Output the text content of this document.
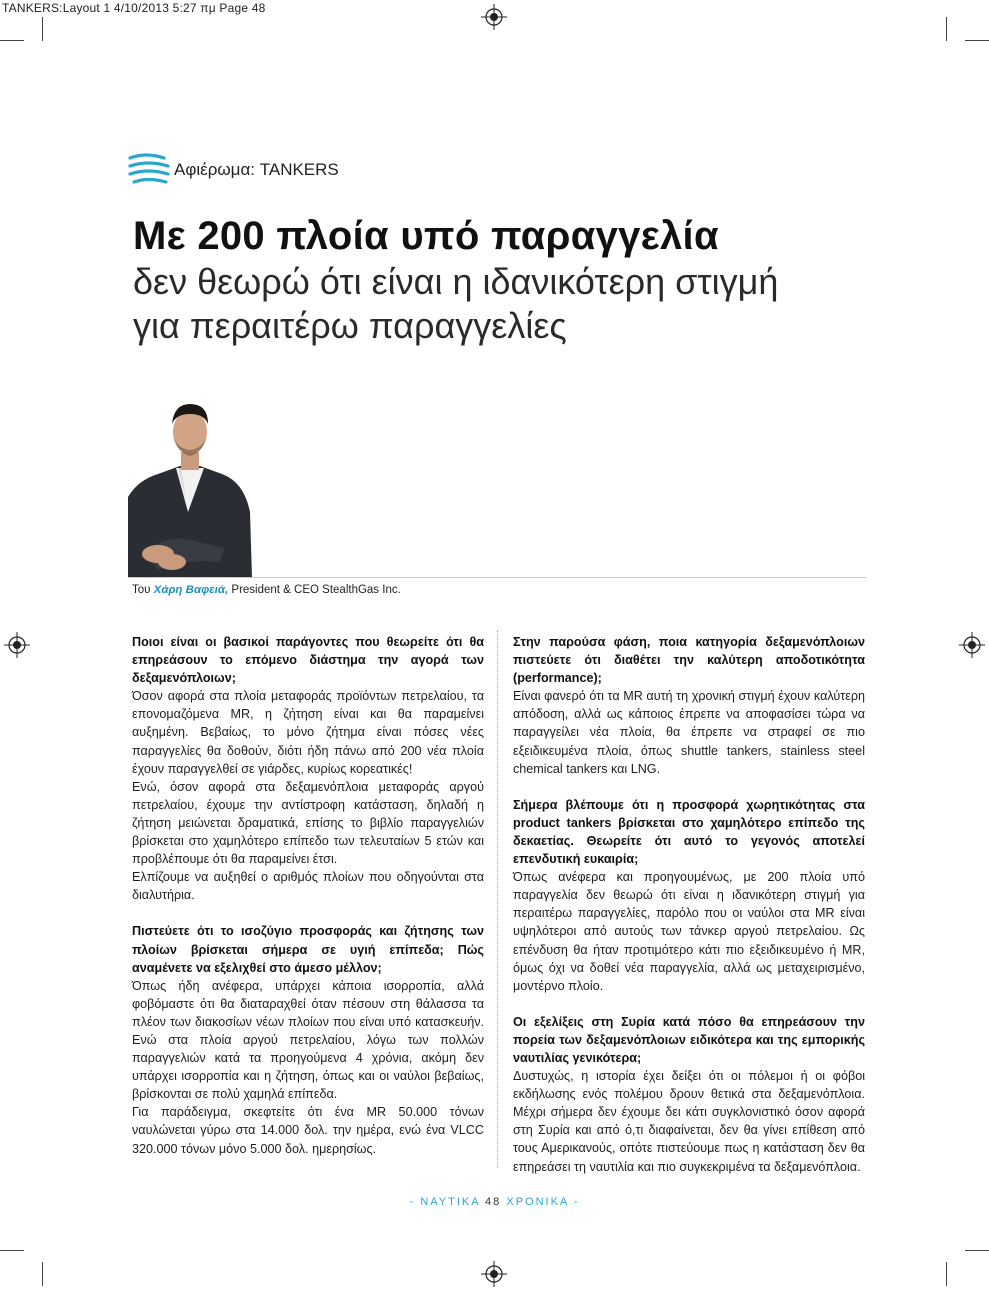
TANKERS:Layout 1 4/10/2013 5:27 πμ Page 48
Αφιέρωμα: TANKERS
Με 200 πλοία υπό παραγγελία
δεν θεωρώ ότι είναι η ιδανικότερη στιγμή
για περαιτέρω παραγγελίες
Του Χάρη Βαφειά, President & CEO StealthGas Inc.

Ποιοι είναι οι βασικοί παράγοντες που θεωρείτε ότι θα επηρεάσουν το επόμενο διάστημα την αγορά των δεξαμενόπλοιων;

Όσον αφορά στα πλοία μεταφοράς προϊόντων πετρελαίου, τα επονομαζόμενα MR, η ζήτηση είναι και θα παραμείνει αυξημένη. Βεβαίως, το μόνο ζήτημα είναι πόσες νέες παραγγελίες θα δοθούν, διότι ήδη πάνω από 200 νέα πλοία έχουν παραγγελθεί σε γιάρδες, κυρίως κορεατικές!

Ενώ, όσον αφορά στα δεξαμενόπλοια μεταφοράς αργού πετρελαίου, έχουμε την αντίστροφη κατάσταση, δηλαδή η ζήτηση μειώνεται δραματικά, επίσης το βιβλίο παραγγελιών βρίσκεται στο χαμηλότερο επίπεδο των τελευταίων 5 ετών και προβλέπουμε ότι θα παραμείνει έτσι.

Ελπίζουμε να αυξηθεί ο αριθμός πλοίων που οδηγούνται στα διαλυτήρια.

Πιστεύετε ότι το ισοζύγιο προσφοράς και ζήτησης των πλοίων βρίσκεται σήμερα σε υγιή επίπεδα; Πώς αναμένετε να εξελιχθεί στο άμεσο μέλλον;

Όπως ήδη ανέφερα, υπάρχει κάποια ισορροπία, αλλά φοβόμαστε ότι θα διαταραχθεί όταν πέσουν στη θάλασσα τα πλέον των διακοσίων νέων πλοίων που είναι υπό κατασκευήν. Ενώ στα πλοία αργού πετρελαίου, λόγω των πολλών παραγγελιών κατά τα προηγούμενα 4 χρόνια, ακόμη δεν υπάρχει ισορροπία και η ζήτηση, όπως και οι ναύλοι βεβαίως, βρίσκονται σε πολύ χαμηλά επίπεδα.

Για παράδειγμα, σκεφτείτε ότι ένα MR 50.000 τόνων ναυλώνεται γύρω στα 14.000 δολ. την ημέρα, ενώ ένα VLCC 320.000 τόνων μόνο 5.000 δολ. ημερησίως.

Στην παρούσα φάση, ποια κατηγορία δεξαμενόπλοιων πιστεύετε ότι διαθέτει την καλύτερη αποδοτικότητα (performance);

Είναι φανερό ότι τα MR αυτή τη χρονική στιγμή έχουν καλύτερη απόδοση, αλλά ως κάποιος έπρεπε να αποφασίσει τώρα να παραγγείλει νέα πλοία, θα έπρεπε να στραφεί σε πιο εξειδικευμένα πλοία, όπως shuttle tankers, stainless steel chemical tankers και LNG.

Σήμερα βλέπουμε ότι η προσφορά χωρητικότητας στα product tankers βρίσκεται στο χαμηλότερο επίπεδο της δεκαετίας. Θεωρείτε ότι αυτό το γεγονός αποτελεί επενδυτική ευκαιρία;

Όπως ανέφερα και προηγουμένως, με 200 πλοία υπό παραγγελία δεν θεωρώ ότι είναι η ιδανικότερη στιγμή για περαιτέρω παραγγελίες, παρόλο που οι ναύλοι στα MR είναι υψηλότεροι από αυτούς των τάνκερ αργού πετρελαίου. Ως επένδυση θα ήταν προτιμότερο κάτι πιο εξειδικευμένο ή MR, όμως όχι να δοθεί νέα παραγγελία, αλλά ως μεταχειρισμένο, μοντέρνο πλοίο.

Οι εξελίξεις στη Συρία κατά πόσο θα επηρεάσουν την πορεία των δεξαμενόπλοιων ειδικότερα και της εμπορικής ναυτιλίας γενικότερα;

Δυστυχώς, η ιστορία έχει δείξει ότι οι πόλεμοι ή οι φόβοι εκδήλωσης ενός πολέμου δρουν θετικά στα δεξαμενόπλοια. Μέχρι σήμερα δεν έχουμε δει κάτι συγκλονιστικό όσον αφορά στη Συρία και από ό,τι διαφαίνεται, δεν θα γίνει επίθεση από τους Αμερικανούς, οπότε πιστεύουμε πως η κατάσταση δεν θα επηρεάσει τη ναυτιλία και πιο συγκεκριμένα τα δεξαμενόπλοια.

- ΝΑΥΤΙΚΑ 48 ΧΡΟΝΙΚΑ -
